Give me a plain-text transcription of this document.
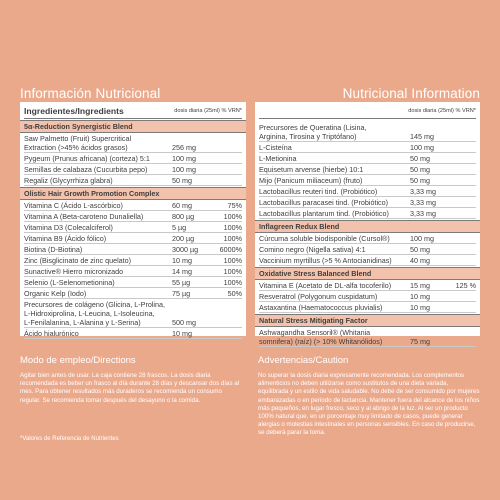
Información Nutricional	Nutricional Information
Ingredientes/Ingredients	dosis diaria (25ml) % VRN*
5α-Reduction Synergistic Blend
Saw Palmetto (Fruit) Supercritical
Extraction (>45% ácidos grasos)	256 mg
Pygeum (Prunus africana) (corteza) 5:1	100 mg
Semillas de calabaza (Cucurbita pepo)	100 mg
Regaliz (Glycyrrhiza glabra)	50 mg
Olistic Hair Growth Promotion Complex
Vitamina C (Ácido L-ascórbico)	60 mg	75%
Vitamina A (Beta-caroteno Dunaliella)	800 µg	100%
Vitamina D3 (Colecalciferol)	5 µg	100%
Vitamina B9 (Ácido fólico)	200 µg	100%
Biotina (D-Biotina)	3000 µg	6000%
Zinc (Bisglicinato de zinc quelato)	10 mg	100%
Sunactive® Hierro micronizado	14 mg	100%
Selenio (L-Selenometionina)	55 µg	100%
Organic Kelp (Iodo)	75 µg	50%
Precursores de colágeno (Glicina, L-Prolina,
L-Hidroxiprolina, L-Leucina, L-Isoleucina,
L-Fenilalanina, L-Alanina y L-Serina)	500 mg
Ácido hialurónico	10 mg
dosis diaria (25ml) % VRN*
Precursores de Queratina (Lisina,
Arginina, Tirosina y Triptófano)	145 mg
L-Cisteína	100 mg
L-Metionina	50 mg
Equisetum arvense (hierbe) 10:1	50 mg
Mijo (Panicum miliaceum) (fruto)	50 mg
Lactobacillus reuteri tind. (Probiótico)	3,33 mg
Lactobacillus paracasei tind. (Probiótico)	3,33 mg
Lactobacillus plantarum tind. (Probiótico)	3,33 mg
Inflagreen Redux Blend
Cúrcuma soluble biodisponible (Cursol®)	100 mg
Comino negro (Nigella sativa) 4:1	50 mg
Vaccinium myrtillus (>5 % Antocianidinas)	40 mg
Oxidative Stress Balanced Blend
Vitamina E (Acetato de DL-alfa tocoferilo)	15 mg	125 %
Resveratrol (Polygonum cuspidatum)	10 mg
Astaxantina (Haematococcus pluvialis)	10 mg
Natural Stress Mitigating Factor
Ashwagandha Sensoril® (Whitania
somnifera) (raíz) (> 10% Whitanólidos)	75 mg
Modo de empleo/Directions
Agitar bien antes de usar. La caja contiene 28 frascos. La dosis diaria recomendada es beber un frasco al día durante 28 días y descansar dos días al mes. Para obtener resultados más duraderos se recomienda un consumo regular. Se recomienda tomar después del desayuno o la comida.
Advertencias/Caution
No superar la dosis diaria expresamente recomendada. Los complementos alimenticios no deben utilizarse como sustitutos de una dieta variada, equilibrada y un estilo de vida saludable. No debe de ser consumido por mujeres embarazadas o en periodo de lactancia. Mantener fuera del alcance de los niños más pequeños, en lugar fresco, seco y al abrigo de la luz. Al ser un producto 100% natural que, en un porcentaje muy limitado de casos, puede generar alergias o molestias intestinales en personas sensibles. En caso de producirse, se deberá parar la toma.
*Valores de Referencia de Nutrientes
